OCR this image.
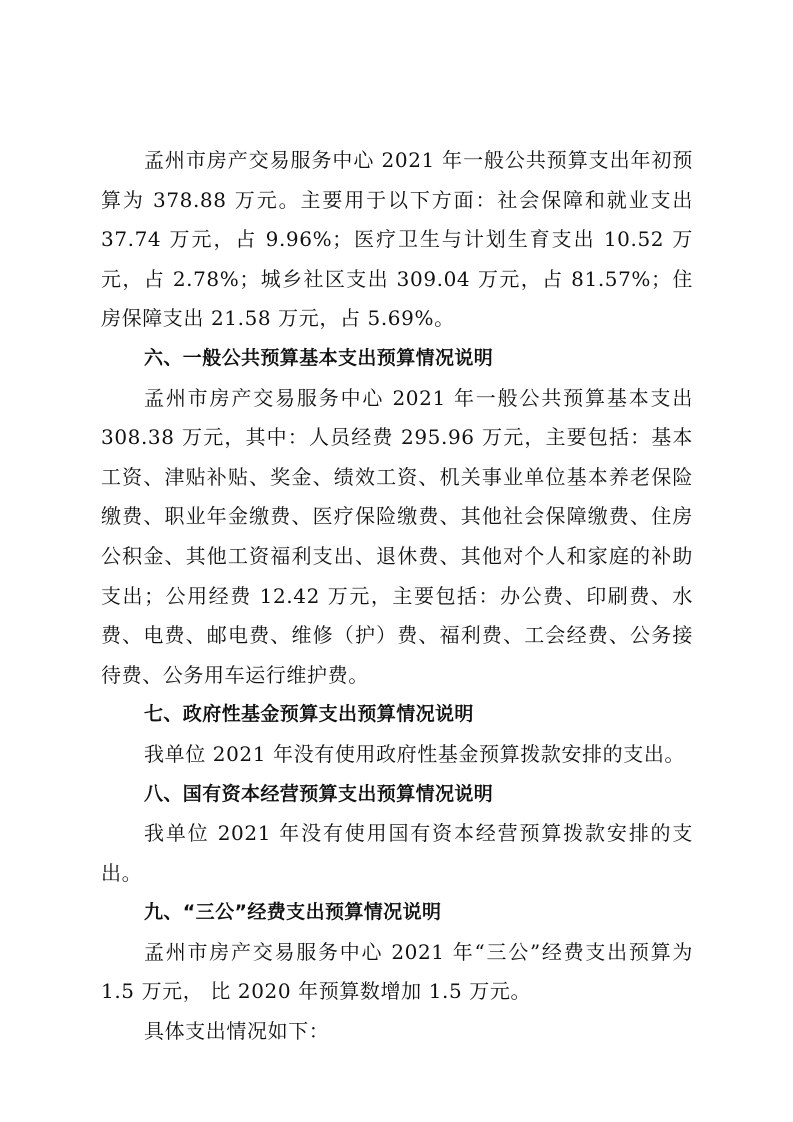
孟州市房产交易服务中心 2021 年一般公共预算支出年初预算为 378.88 万元。主要用于以下方面：社会保障和就业支出 37.74 万元，占 9.96%；医疗卫生与计划生育支出 10.52 万元，占 2.78%；城乡社区支出 309.04 万元，占 81.57%；住房保障支出 21.58 万元，占 5.69%。

六、一般公共预算基本支出预算情况说明

孟州市房产交易服务中心 2021 年一般公共预算基本支出 308.38 万元，其中：人员经费 295.96 万元，主要包括：基本工资、津贴补贴、奖金、绩效工资、机关事业单位基本养老保险缴费、职业年金缴费、医疗保险缴费、其他社会保障缴费、住房公积金、其他工资福利支出、退休费、其他对个人和家庭的补助支出；公用经费 12.42 万元，主要包括：办公费、印刷费、水费、电费、邮电费、维修（护）费、福利费、工会经费、公务接待费、公务用车运行维护费。

七、政府性基金预算支出预算情况说明

我单位 2021 年没有使用政府性基金预算拨款安排的支出。

八、国有资本经营预算支出预算情况说明

我单位 2021 年没有使用国有资本经营预算拨款安排的支出。

九、“三公”经费支出预算情况说明

孟州市房产交易服务中心 2021 年“三公”经费支出预算为 1.5 万元， 比 2020 年预算数增加 1.5 万元。

具体支出情况如下：
